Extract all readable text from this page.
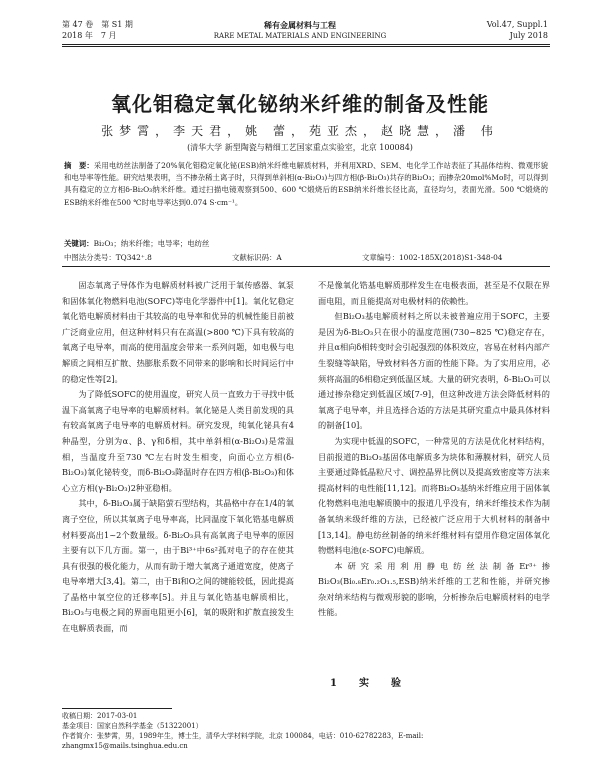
第 47 卷　第 S1 期
2018 年　7 月
稀有金属材料与工程
RARE METAL MATERIALS AND ENGINEERING
Vol.47, Suppl.1
July 2018
氧化钼稳定氧化铋纳米纤维的制备及性能
张梦霄，李天君，姚 蕾，苑亚杰，赵晓慧，潘 伟
(清华大学 新型陶瓷与精细工艺国家重点实验室，北京 100084)
摘　要：采用电纺丝法制备了20%氧化钼稳定氧化铋(ESB)纳米纤维电解质材料，并利用XRD、SEM、电化学工作站表征了其晶体结构、微观形貌和电导率等性能。研究结果表明，当不掺杂稀土离子时，只得到单斜相(α-Bi₂O₃)与四方相(β-Bi₂O₃)共存的Bi₂O₃；而掺杂20mol%Mo时，可以得到具有稳定的立方相δ-Bi₂O₃纳米纤维。通过扫描电镜观察到500、600 ℃煅烧后的ESB纳米纤维长径比高，直径均匀，表面光滑。500 ℃煅烧的ESB纳米纤维在500 ℃时电导率达到0.074 S·cm⁻¹。
关键词：Bi₂O₃；纳米纤维；电导率；电纺丝
中图法分类号：TQ342⁺.8	文献标识码：A	文章编号：1002-185X(2018)S1-348-04

固态氧离子导体作为电解质材料被广泛用于氧传感器、氧泵和固体氧化物燃料电池(SOFC)等电化学器件中[1]。氧化钇稳定氧化锆电解质材料由于其较高的电导率和优异的机械性能目前被广泛商业应用，但这种材料只有在高温(>800 ℃)下具有较高的氧离子电导率，而高的使用温度会带来一系列问题，如电极与电解质之间相互扩散、热膨胀系数不同带来的影响和长时间运行中的稳定性等[2]。

为了降低SOFC的使用温度，研究人员一直致力于寻找中低温下高氧离子电导率的电解质材料。氧化铋是人类目前发现的具有较高氧离子电导率的电解质材料。研究发现，纯氧化铋具有4种晶型，分别为α、β、γ和δ相，其中单斜相(α-Bi₂O₃)是常温相，当温度升至730 ℃左右时发生相变，向面心立方相(δ-Bi₂O₃)氧化铋转变，而δ-Bi₂O₃降温时存在四方相(β-Bi₂O₃)和体心立方相(γ-Bi₂O₃)2种亚稳相。

其中，δ-Bi₂O₃属于缺陷萤石型结构，其晶格中存在1/4的氧离子空位，所以其氧离子电导率高，比同温度下氧化锆基电解质材料要高出1~2个数量级。δ-Bi₂O₃具有高氧离子电导率的原因主要有以下几方面。第一，由于Bi³⁺中6s²孤对电子的存在使其具有很强的极化能力，从而有助于增大氧离子通道宽度，使离子电导率增大[3,4]。第二，由于Bi和O之间的键能较低，因此提高了晶格中氧空位的迁移率[5]。并且与氧化锆基电解质相比，Bi₂O₃与电极之间的界面电阻更小[6]，氧的吸附和扩散直接发生在电解质表面，而

不是像氧化锆基电解质那样发生在电极表面，甚至是不仅限在界面电阻，而且能提高对电极材料的依赖性。

但Bi₂O₃基电解质材料之所以未被普遍应用于SOFC，主要是因为δ-Bi₂O₃只在很小的温度范围(730~825 ℃)稳定存在，并且α相向δ相转变时会引起强烈的体积效应，容易在材料内部产生裂缝等缺陷，导致材料各方面的性能下降。为了实用应用，必须将高温的δ相稳定到低温区域。大量的研究表明，δ-Bi₂O₃可以通过掺杂稳定到低温区域[7-9]，但这种改进方法会降低材料的氧离子电导率，并且选择合适的方法是其研究重点中最具体材料的制备[10]。

为实现中低温的SOFC，一种常见的方法是优化材料结构，目前报道的Bi₂O₃基固体电解质多为块体和薄膜材料，研究人员主要通过降低晶粒尺寸、调控晶界比例以及提高致密度等方法来提高材料的电性能[11,12]。而将Bi₂O₃基纳米纤维应用于固体氧化物燃料电池电解质膜中的报道几乎没有，纳米纤维技术作为制备氧纳米级纤维的方法，已经被广泛应用于大机材料的制备中[13,14]。静电纺丝制备的纳米纤维材料有望用作稳定固体氧化物燃料电池(ε-SOFC)电解质。

本研究采用利用静电纺丝法制备Er³⁺掺Bi₂O₃(Bi₀.₈Er₀.₂O₁.₅,ESB)纳米纤维的工艺和性能，并研究掺杂对纳米结构与微观形貌的影响，分析掺杂后电解质材料的电学性能。

1　实　验
收稿日期：2017-03-01
基金项目：国家自然科学基金（51322001）
作者简介：张梦霄，男，1989年生，博士生，清华大学材料学院，北京 100084，电话：010-62782283，E-mail: zhangmx15@mails.tsinghua.edu.cn
